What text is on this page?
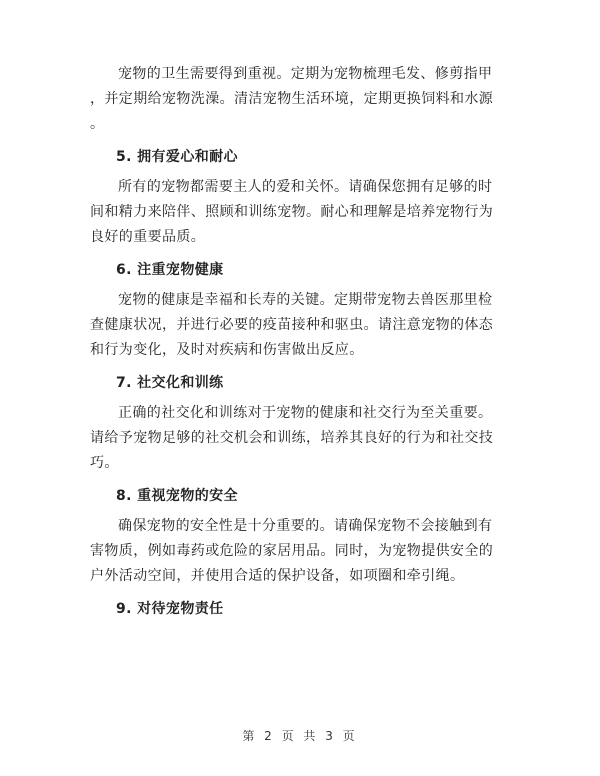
宠物的卫生需要得到重视。定期为宠物梳理毛发、修剪指甲
，并定期给宠物洗澡。清洁宠物生活环境，定期更换饲料和水源
。
5. 拥有爱心和耐心
所有的宠物都需要主人的爱和关怀。请确保您拥有足够的时
间和精力来陪伴、照顾和训练宠物。耐心和理解是培养宠物行为
良好的重要品质。
6. 注重宠物健康
宠物的健康是幸福和长寿的关键。定期带宠物去兽医那里检
查健康状况，并进行必要的疫苗接种和驱虫。请注意宠物的体态
和行为变化，及时对疾病和伤害做出反应。
7. 社交化和训练
正确的社交化和训练对于宠物的健康和社交行为至关重要。
请给予宠物足够的社交机会和训练，培养其良好的行为和社交技
巧。
8. 重视宠物的安全
确保宠物的安全性是十分重要的。请确保宠物不会接触到有
害物质，例如毒药或危险的家居用品。同时，为宠物提供安全的
户外活动空间，并使用合适的保护设备，如项圈和牵引绳。
9. 对待宠物责任
第 2 页 共 3 页
